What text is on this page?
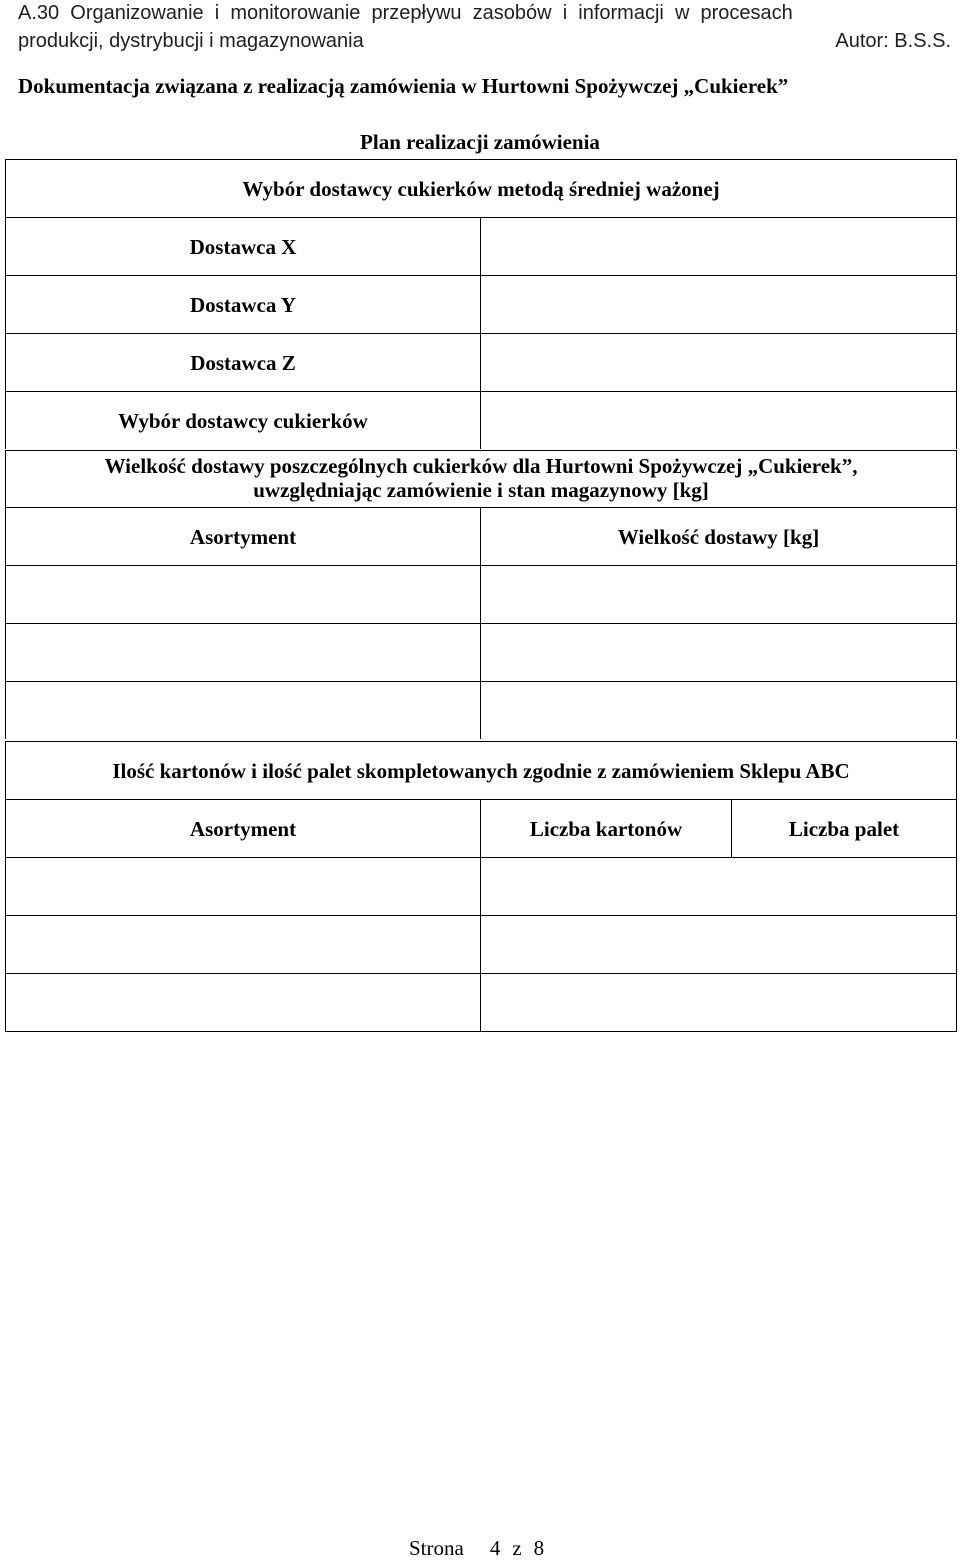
A.30  Organizowanie  i  monitorowanie  przepływu  zasobów  i  informacji  w  procesach
produkcji, dystrybucji i magazynowania	Autor: B.S.S.
Dokumentacja związana z realizacją zamówienia w Hurtowni Spożywczej „Cukierek”
Plan realizacji zamówienia
Wybór dostawcy cukierków metodą średniej ważonej	
Dostawca X	
Dostawca Y	
Dostawca Z	
Wybór dostawcy cukierków	
Wielkość dostawy poszczególnych cukierków dla Hurtowni Spożywczej „Cukierek”,
uwzględniając zamówienie i stan magazynowy [kg]	

Asortyment	Wielkość dostawy [kg]

Ilość kartonów i ilość palet skompletowanych zgodnie z zamówieniem Sklepu ABC		
Asortyment	Liczba kartonów	Liczba palet

Strona 4 z 8
